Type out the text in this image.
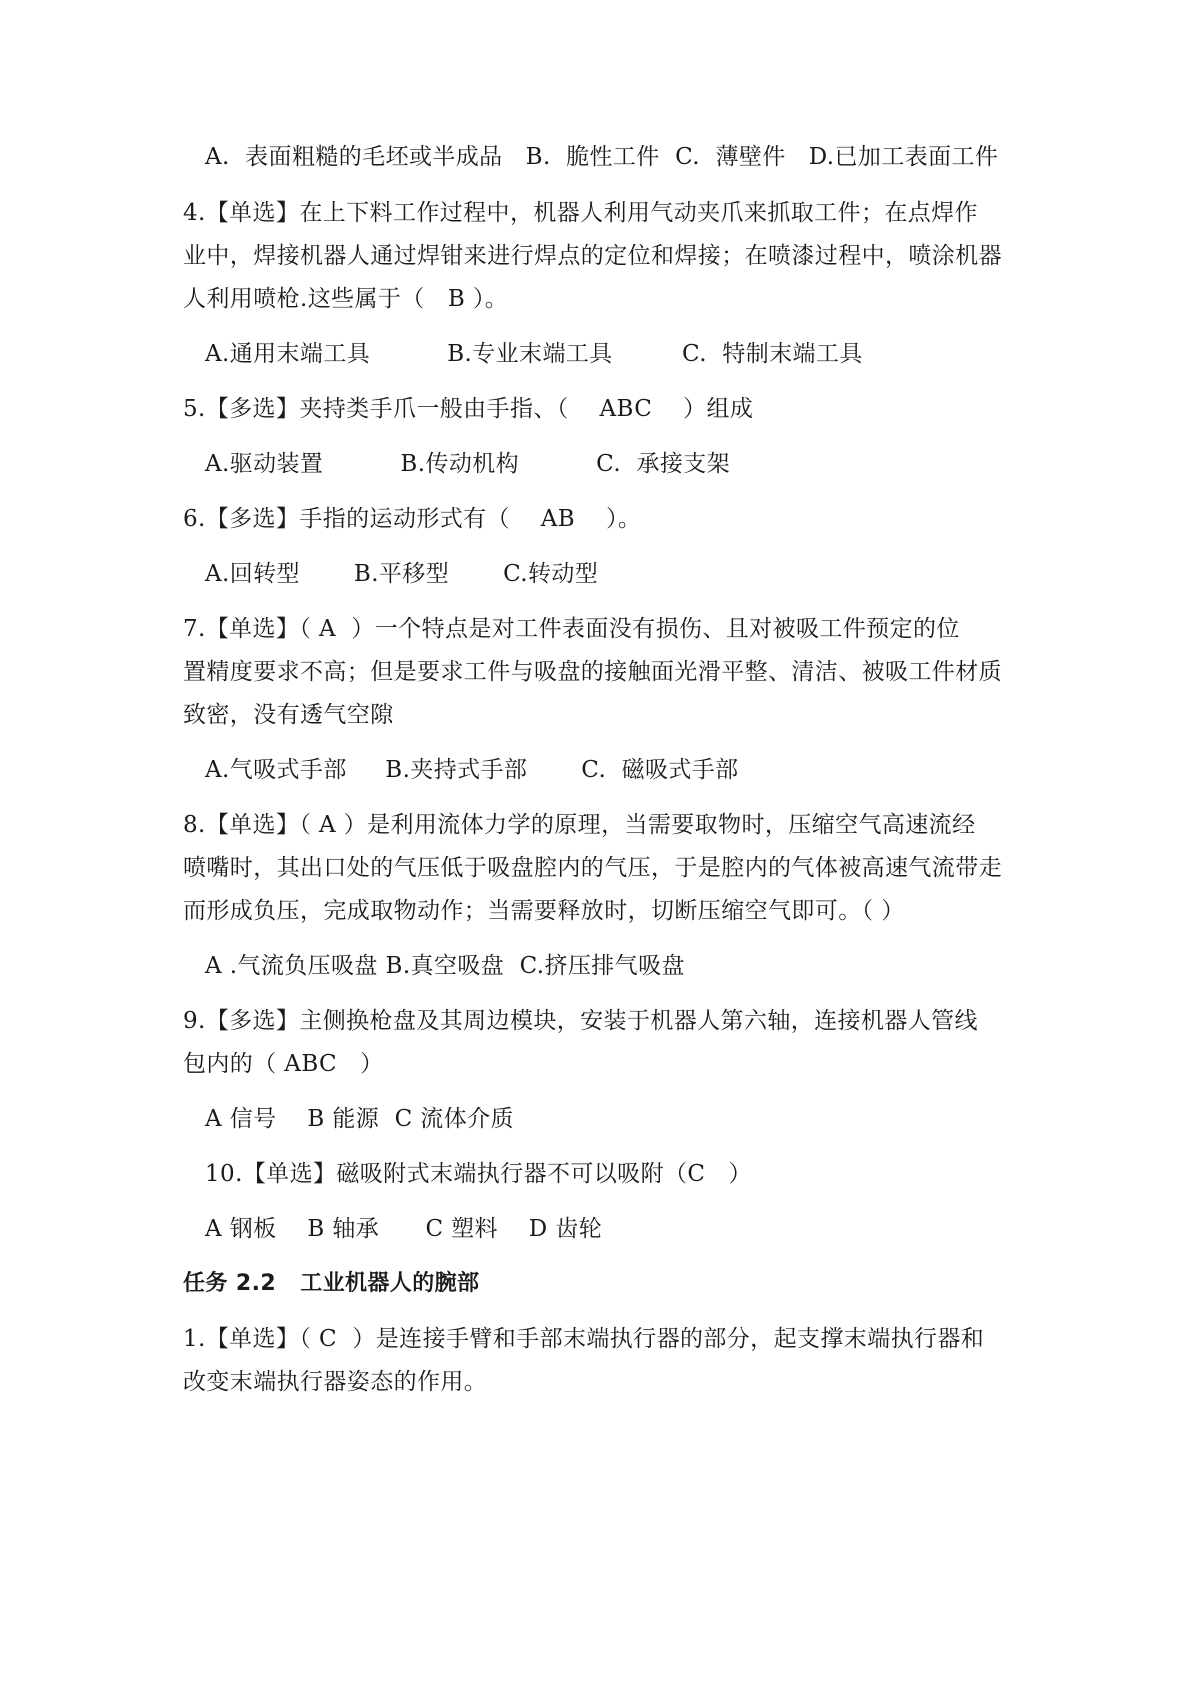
A.  表面粗糙的毛坯或半成品   B.  脆性工件  C.  薄壁件   D.已加工表面工件
4.【单选】在上下料工作过程中，机器人利用气动夹爪来抓取工件；在点焊作
业中，焊接机器人通过焊钳来进行焊点的定位和焊接；在喷漆过程中，喷涂机器
人利用喷枪.这些属于（   B ）。
A.通用末端工具          B.专业末端工具         C.  特制末端工具
5.【多选】夹持类手爪一般由手指、（    ABC    ）组成
A.驱动装置          B.传动机构          C.  承接支架
6.【多选】手指的运动形式有（    AB    ）。
A.回转型       B.平移型       C.转动型
7.【单选】（ A  ）一个特点是对工件表面没有损伤、且对被吸工件预定的位
置精度要求不高；但是要求工件与吸盘的接触面光滑平整、清洁、被吸工件材质
致密，没有透气空隙
A.气吸式手部     B.夹持式手部       C.  磁吸式手部
8.【单选】（ A ）是利用流体力学的原理，当需要取物时，压缩空气高速流经
喷嘴时，其出口处的气压低于吸盘腔内的气压，于是腔内的气体被高速气流带走
而形成负压，完成取物动作；当需要释放时，切断压缩空气即可。（ ）
A .气流负压吸盘 B.真空吸盘  C.挤压排气吸盘
9.【多选】主侧换枪盘及其周边模块，安装于机器人第六轴，连接机器人管线
包内的（ ABC   ）
A 信号    B 能源  C 流体介质
10.【单选】磁吸附式末端执行器不可以吸附（C   ）
A 钢板    B 轴承      C 塑料    D 齿轮
任务 2.2   工业机器人的腕部
1.【单选】（ C  ）是连接手臂和手部末端执行器的部分，起支撑末端执行器和
改变末端执行器姿态的作用。
